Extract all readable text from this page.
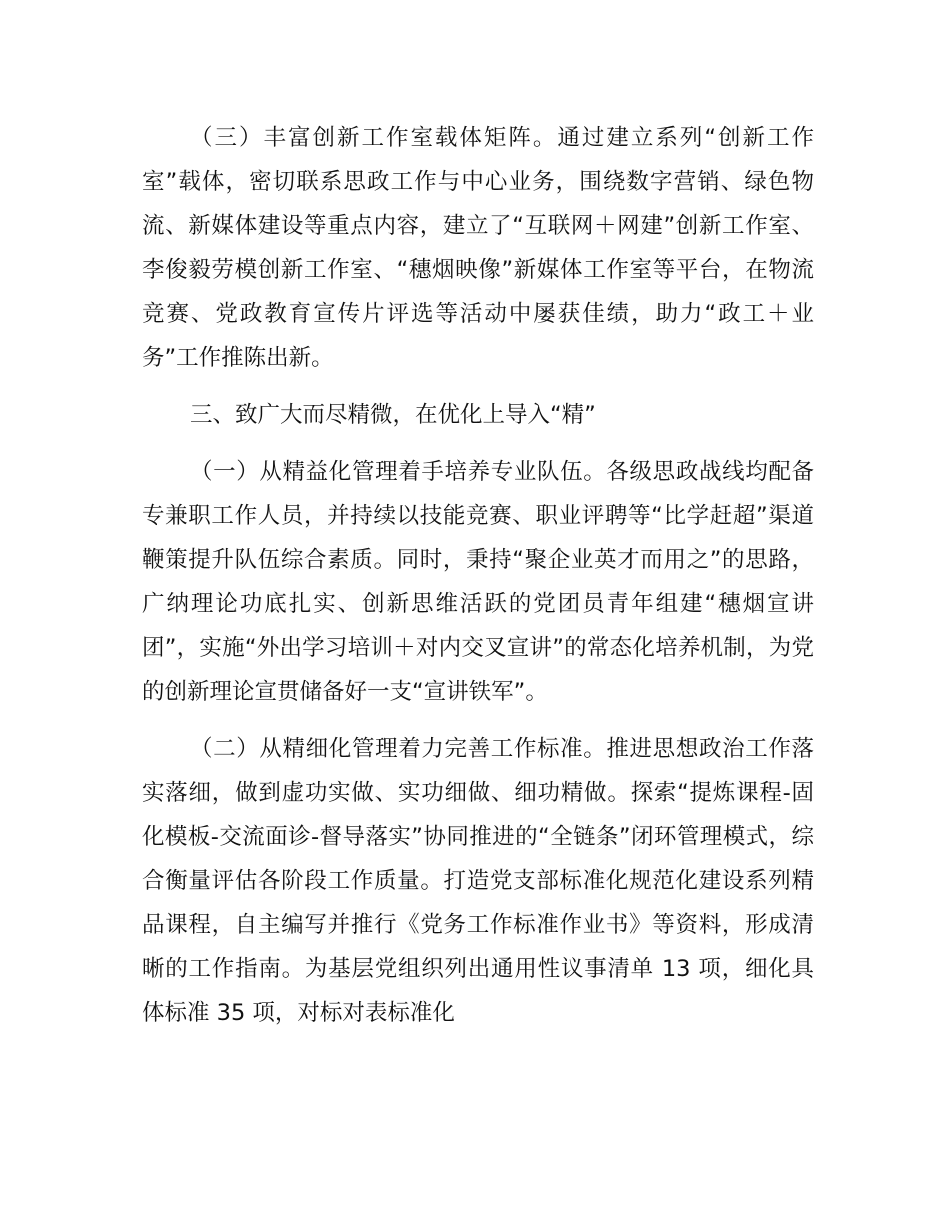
（三）丰富创新工作室载体矩阵。通过建立系列“创新工作室”载体，密切联系思政工作与中心业务，围绕数字营销、绿色物流、新媒体建设等重点内容，建立了“互联网＋网建”创新工作室、李俊毅劳模创新工作室、“穗烟映像”新媒体工作室等平台，在物流竞赛、党政教育宣传片评选等活动中屡获佳绩，助力“政工＋业务”工作推陈出新。

三、致广大而尽精微，在优化上导入“精”

（一）从精益化管理着手培养专业队伍。各级思政战线均配备专兼职工作人员，并持续以技能竞赛、职业评聘等“比学赶超”渠道鞭策提升队伍综合素质。同时，秉持“聚企业英才而用之”的思路，广纳理论功底扎实、创新思维活跃的党团员青年组建“穗烟宣讲团”，实施“外出学习培训＋对内交叉宣讲”的常态化培养机制，为党的创新理论宣贯储备好一支“宣讲铁军”。

（二）从精细化管理着力完善工作标准。推进思想政治工作落实落细，做到虚功实做、实功细做、细功精做。探索“提炼课程-固化模板-交流面诊-督导落实”协同推进的“全链条”闭环管理模式，综合衡量评估各阶段工作质量。打造党支部标准化规范化建设系列精品课程，自主编写并推行《党务工作标准作业书》等资料，形成清晰的工作指南。为基层党组织列出通用性议事清单 13 项，细化具体标准 35 项，对标对表标准化
